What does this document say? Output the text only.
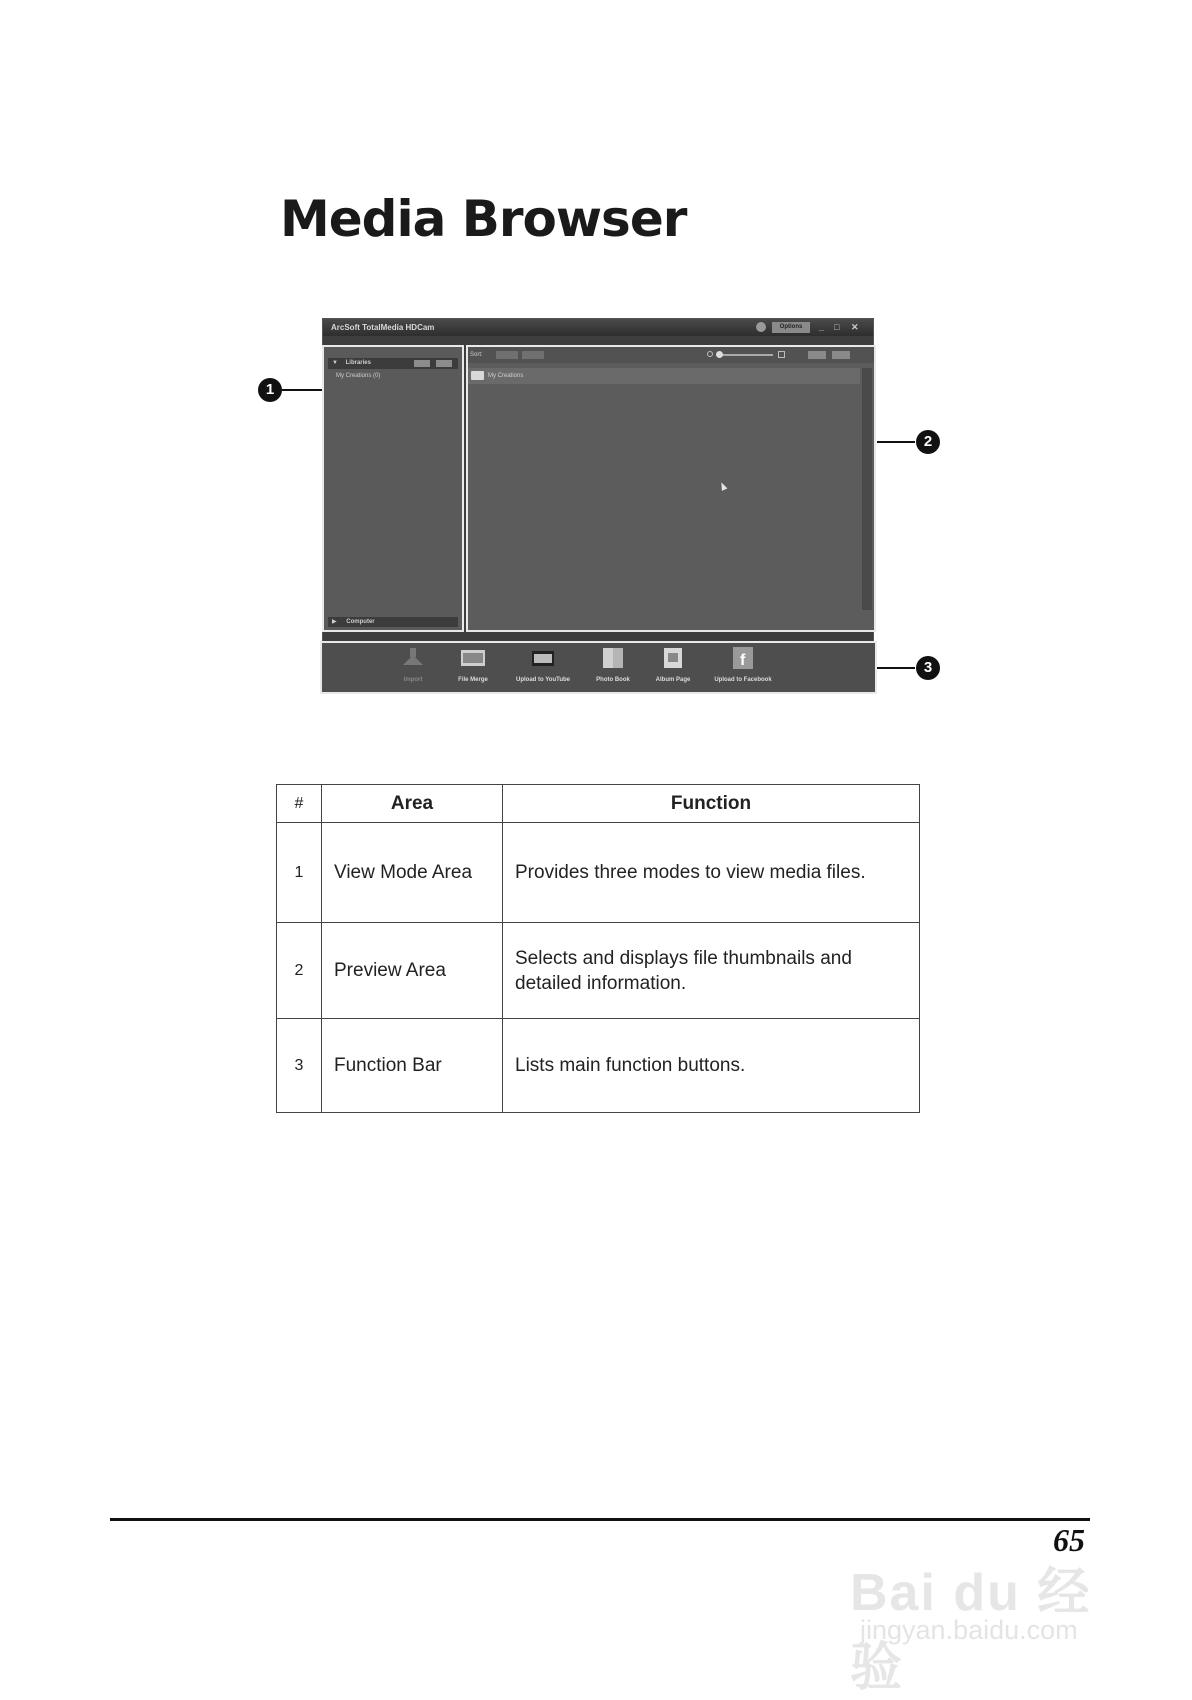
Media Browser
ArcSoft TotalMedia HDCam	Options	_ □ ✕
▼ Libraries
My Creations (0)
▶ Computer
Sort:
My Creations
Import	File Merge	Upload to YouTube	Photo Book	Album Page
f
Upload to Facebook
1
2
3
#	Area	Function
1	View Mode Area	Provides three modes to view media files.
2	Preview Area	Selects and displays file thumbnails and detailed information.
3	Function Bar	Lists main function buttons.
Bai du 经验
jingyan.baidu.com
65
